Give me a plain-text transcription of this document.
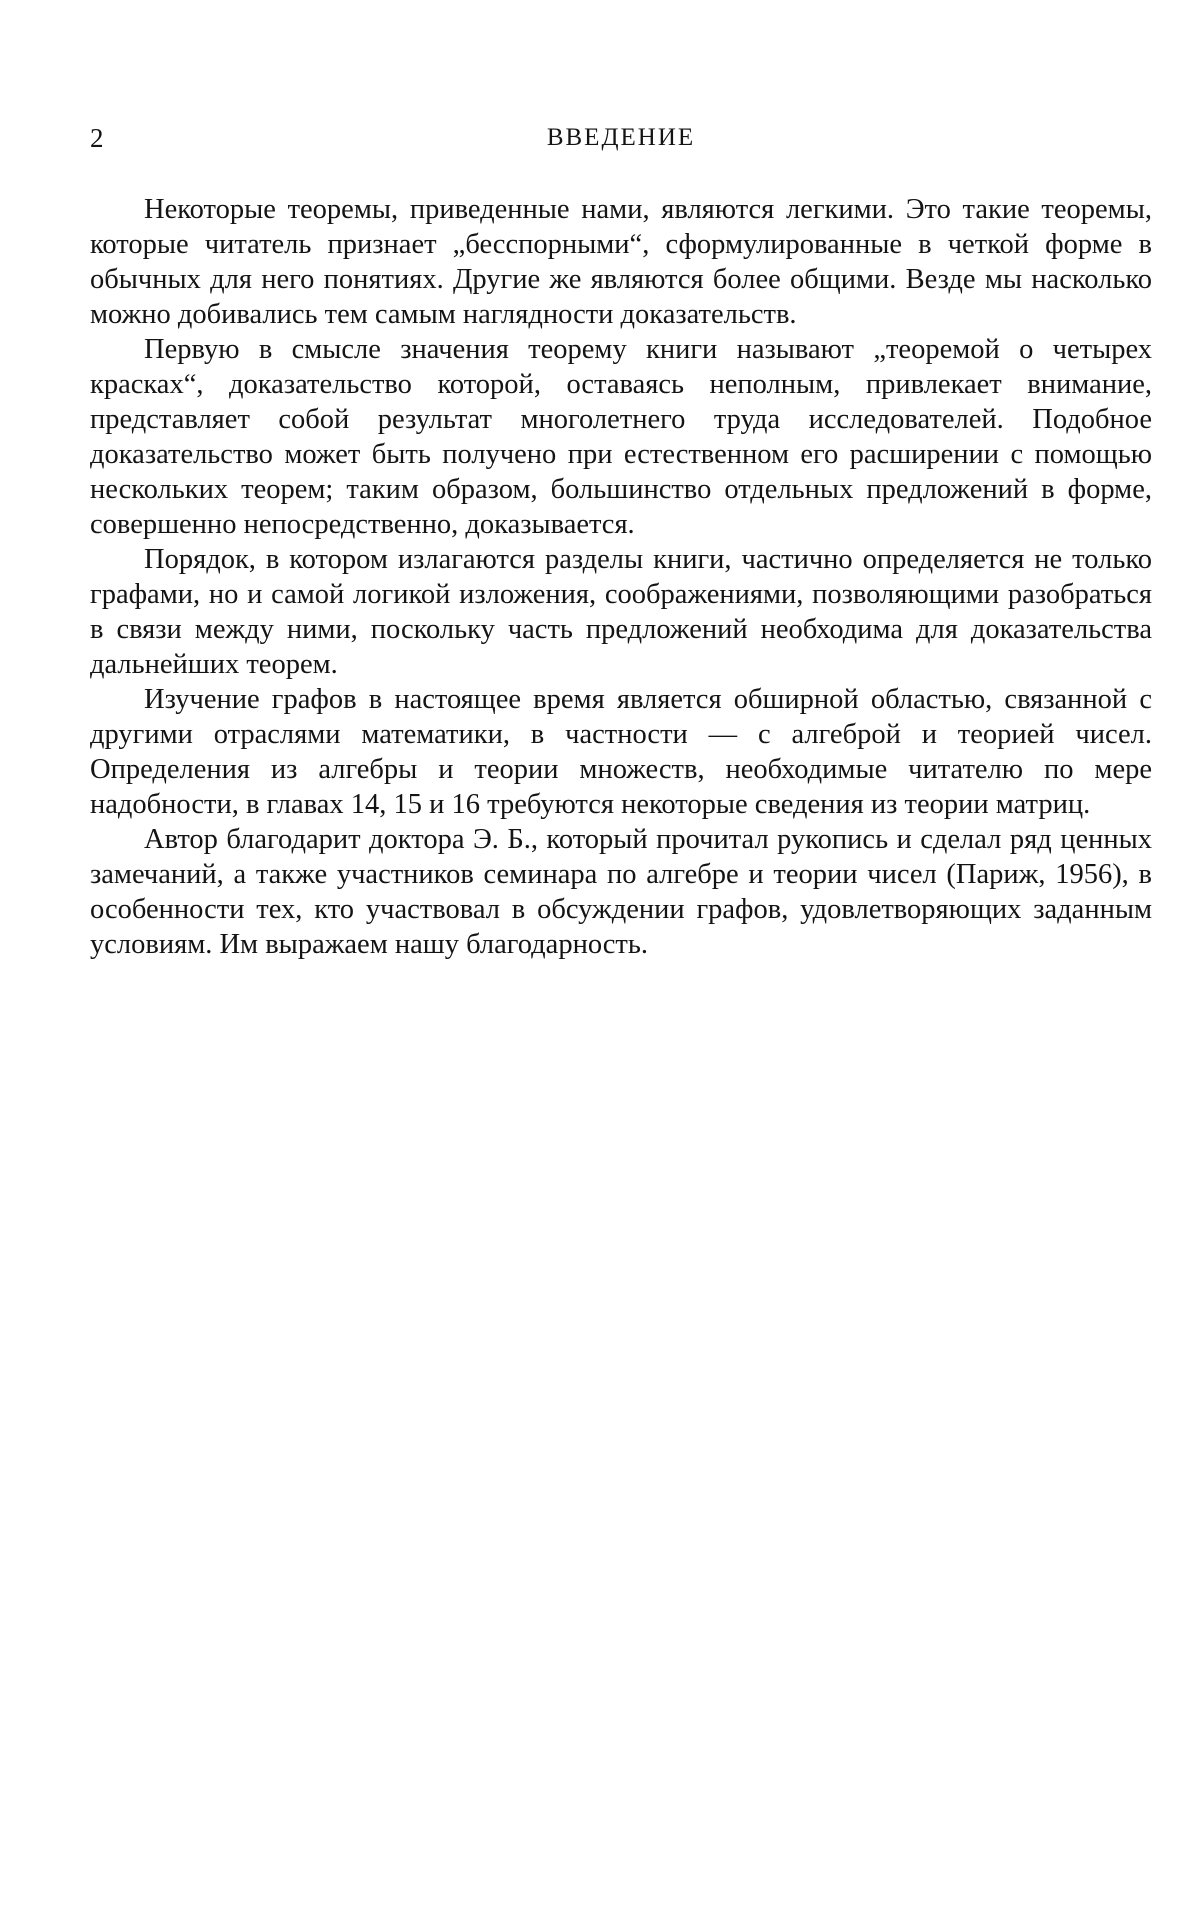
2	ВВЕДЕНИЕ

Некоторые теоремы, приведенные нами, являются легкими. Это такие теоремы, которые читатель признает „бесспорными“, сформулированные в четкой форме в обычных для него понятиях. Другие же являются более общими. Везде мы насколько можно добивались тем самым наглядности доказательств.

Первую в смысле значения теорему книги называют „теоремой о четырех красках“, доказательство которой, оставаясь неполным, привлекает внимание, представляет собой результат многолетнего труда исследователей. Подобное доказательство может быть получено при естественном его расширении с помощью нескольких теорем; таким образом, большинство отдельных предложений в форме, совершенно непосредственно, доказывается.

Порядок, в котором излагаются разделы книги, частично определяется не только графами, но и самой логикой изложения, соображениями, позволяющими разобраться в связи между ними, поскольку часть предложений необходима для доказательства дальнейших теорем.

Изучение графов в настоящее время является обширной областью, связанной с другими отраслями математики, в частности — с алгеброй и теорией чисел. Определения из алгебры и теории множеств, необходимые читателю по мере надобности, в главах 14, 15 и 16 требуются некоторые сведения из теории матриц.

Автор благодарит доктора Э. Б., который прочитал рукопись и сделал ряд ценных замечаний, а также участников семинара по алгебре и теории чисел (Париж, 1956), в особенности тех, кто участвовал в обсуждении графов, удовлетворяющих заданным условиям. Им выражаем нашу благодарность.
